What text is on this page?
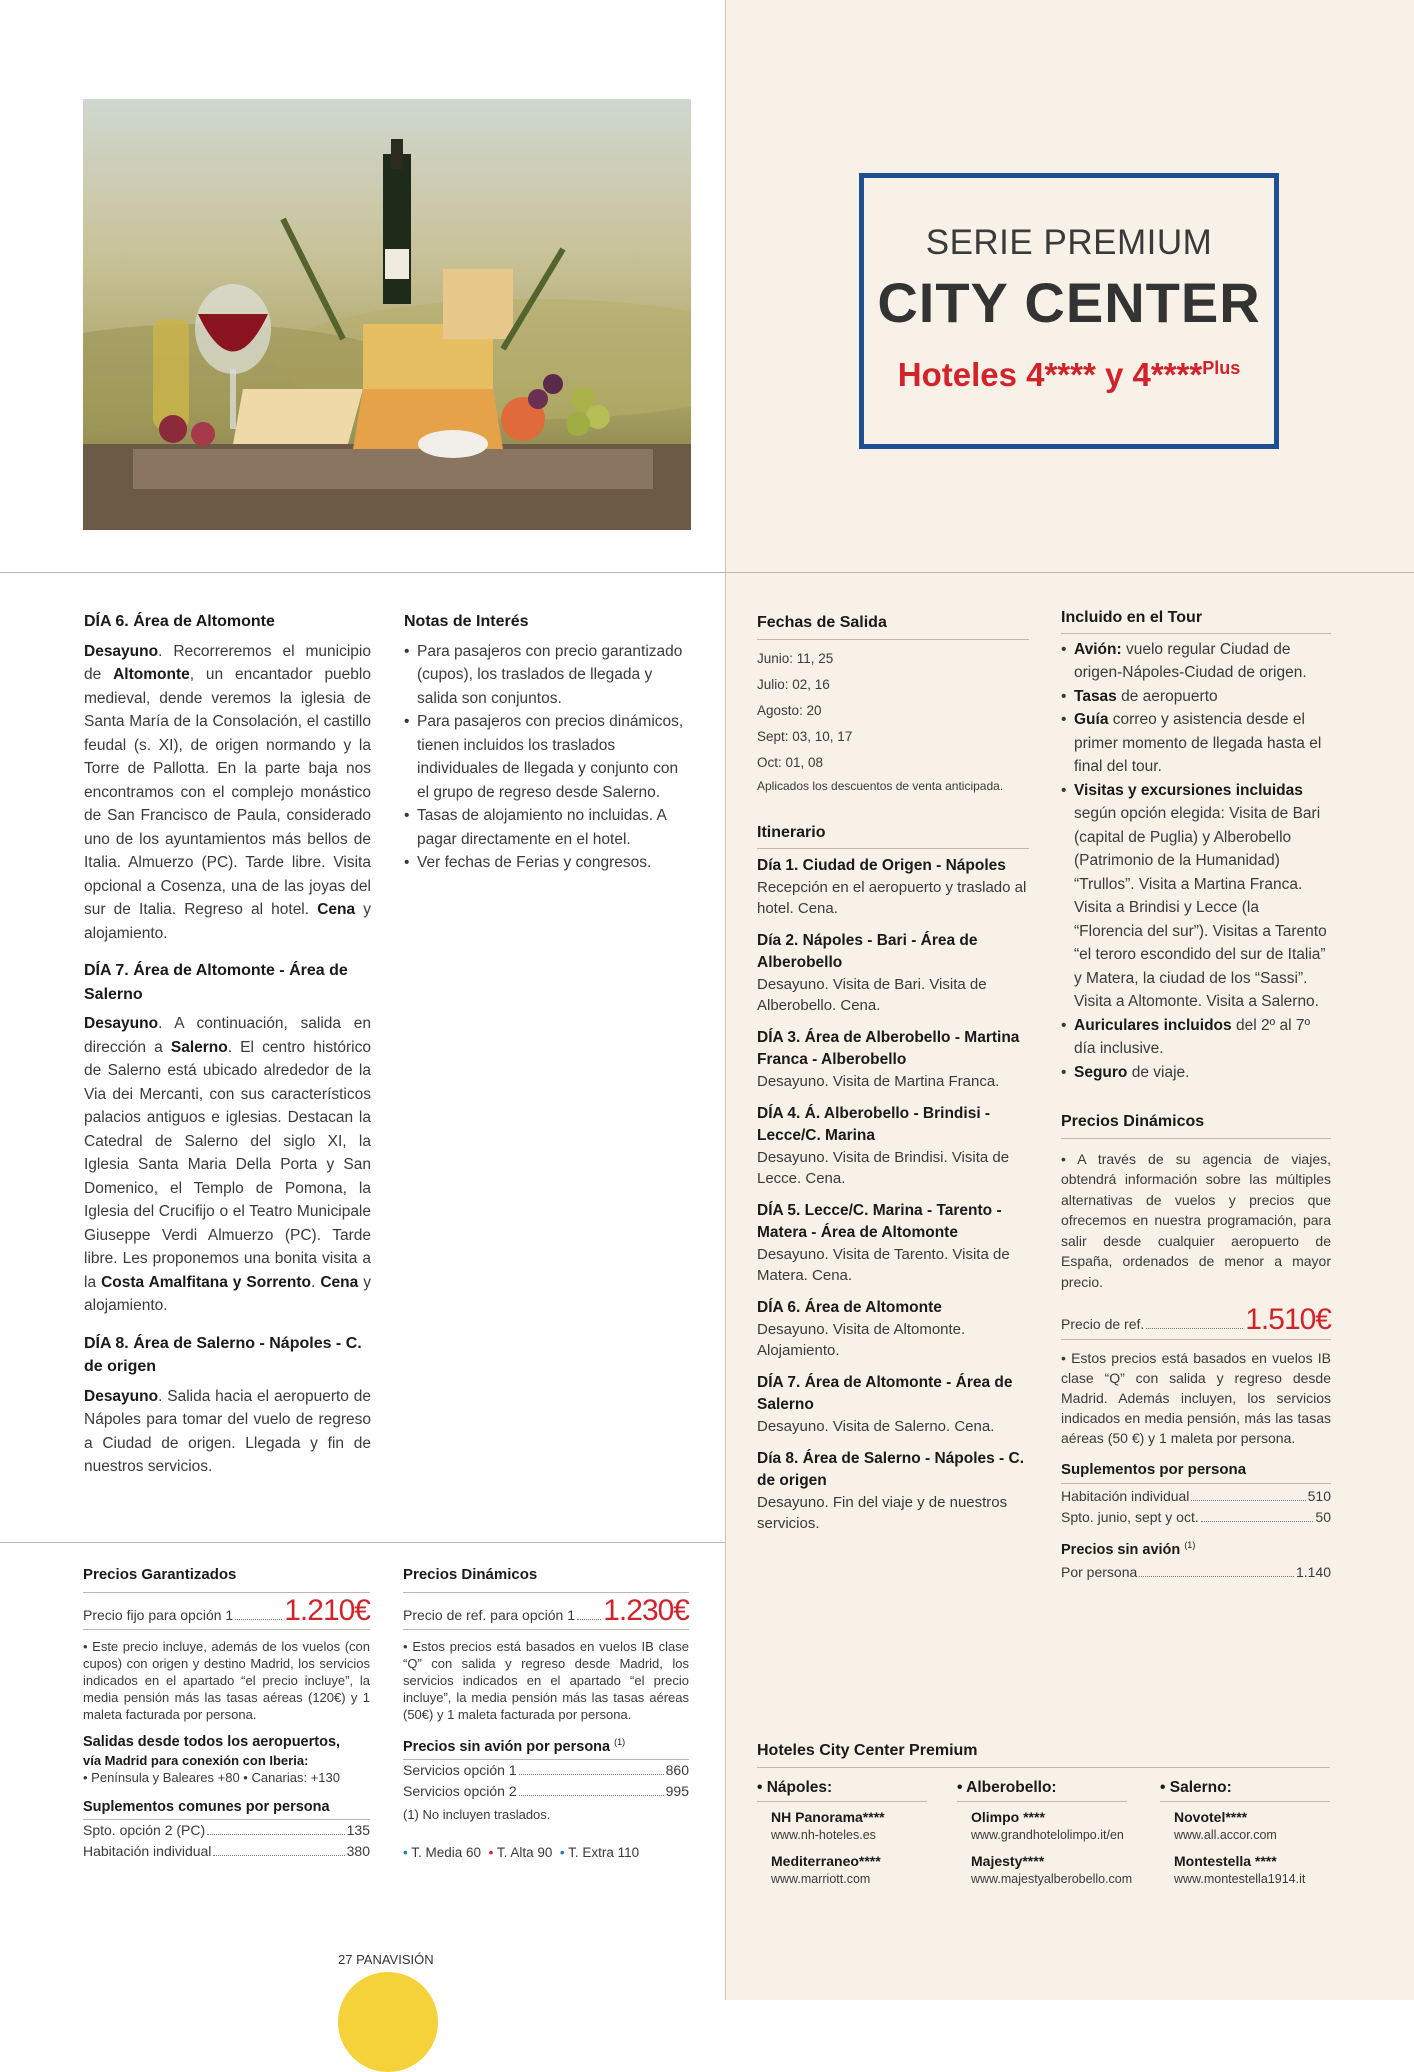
SERIE PREMIUM
CITY CENTER
Hoteles 4**** y 4****$^{Plus}$
DÍA 6. Área de Altomonte

Desayuno. Recorreremos el municipio de Altomonte, un encantador pueblo medieval, dende veremos la iglesia de Santa María de la Consolación, el castillo feudal (s. XI), de origen normando y la Torre de Pallotta. En la parte baja nos encontramos con el complejo monástico de San Francisco de Paula, considerado uno de los ayuntamientos más bellos de Italia. Almuerzo (PC). Tarde libre. Visita opcional a Cosenza, una de las joyas del sur de Italia. Regreso al hotel. Cena y alojamiento.

DÍA 7. Área de Altomonte - Área de Salerno

Desayuno. A continuación, salida en dirección a Salerno. El centro histórico de Salerno está ubicado alrededor de la Via dei Mercanti, con sus característicos palacios antiguos e iglesias. Destacan la Catedral de Salerno del siglo XI, la Iglesia Santa Maria Della Porta y San Domenico, el Templo de Pomona, la Iglesia del Crucifijo o el Teatro Municipale Giuseppe Verdi Almuerzo (PC). Tarde libre. Les proponemos una bonita visita a la Costa Amalfitana y Sorrento. Cena y alojamiento.

DÍA 8. Área de Salerno - Nápoles - C. de origen

Desayuno. Salida hacia el aeropuerto de Nápoles para tomar del vuelo de regreso a Ciudad de origen. Llegada y fin de nuestros servicios.

Notas de Interés
• Para pasajeros con precio garantizado (cupos), los traslados de llegada y salida son conjuntos.
• Para pasajeros con precios dinámicos, tienen incluidos los traslados individuales de llegada y conjunto con el grupo de regreso desde Salerno.
• Tasas de alojamiento no incluidas. A pagar directamente en el hotel.
• Ver fechas de Ferias y congresos.
Precios Garantizados
Precio fijo para opción 1 1.210€

• Este precio incluye, además de los vuelos (con cupos) con origen y destino Madrid, los servicios indicados en el apartado “el precio incluye”, la media pensión más las tasas aéreas (120€) y 1 maleta facturada por persona.

Salidas desde todos los aeropuertos,
vía Madrid para conexión con Iberia:
• Península y Baleares +80 • Canarias: +130
Suplementos comunes por persona
Spto. opción 2 (PC)	135
Habitación individual	380
Precios Dinámicos
Precio de ref. para opción 1 1.230€

• Estos precios está basados en vuelos IB clase “Q” con salida y regreso desde Madrid, los servicios indicados en el apartado “el precio incluye”, la media pensión más las tasas aéreas (50€) y 1 maleta facturada por persona.

Precios sin avión por persona $^{(1)}$
Servicios opción 1	860
Servicios opción 2	995
(1) No incluyen traslados.
• T. Media 60 • T. Alta 90 • T. Extra 110
Fechas de Salida
Junio: 11, 25
Julio: 02, 16
Agosto: 20
Sept: 03, 10, 17
Oct: 01, 08
Aplicados los descuentos de venta anticipada.
Itinerario
Día 1. Ciudad de Origen - Nápoles
Recepción en el aeropuerto y traslado al hotel. Cena.
Día 2. Nápoles - Bari - Área de Alberobello
Desayuno. Visita de Bari. Visita de Alberobello. Cena.
DÍA 3. Área de Alberobello - Martina Franca - Alberobello
Desayuno. Visita de Martina Franca.
DÍA 4. Á. Alberobello - Brindisi - Lecce/C. Marina
Desayuno. Visita de Brindisi. Visita de Lecce. Cena.
DÍA 5. Lecce/C. Marina - Tarento - Matera - Área de Altomonte
Desayuno. Visita de Tarento. Visita de Matera. Cena.
DÍA 6. Área de Altomonte
Desayuno. Visita de Altomonte. Alojamiento.
DÍA 7. Área de Altomonte - Área de Salerno
Desayuno. Visita de Salerno. Cena.
Día 8. Área de Salerno - Nápoles - C. de origen
Desayuno. Fin del viaje y de nuestros servicios.
Incluido en el Tour
• Avión: vuelo regular Ciudad de origen-Nápoles-Ciudad de origen.
• Tasas de aeropuerto
• Guía correo y asistencia desde el primer momento de llegada hasta el final del tour.
• Visitas y excursiones incluidas según opción elegida: Visita de Bari (capital de Puglia) y Alberobello (Patrimonio de la Humanidad) “Trullos”. Visita a Martina Franca. Visita a Brindisi y Lecce (la “Florencia del sur”). Visitas a Tarento “el teroro escondido del sur de Italia” y Matera, la ciudad de los “Sassi”. Visita a Altomonte. Visita a Salerno.
• Auriculares incluidos del 2º al 7º día inclusive.
• Seguro de viaje.
Precios Dinámicos

• A través de su agencia de viajes, obtendrá información sobre las múltiples alternativas de vuelos y precios que ofrecemos en nuestra programación, para salir desde cualquier aeropuerto de España, ordenados de menor a mayor precio.

Precio de ref.	1.510€

• Estos precios está basados en vuelos IB clase “Q” con salida y regreso desde Madrid. Además incluyen, los servicios indicados en media pensión, más las tasas aéreas (50 €) y 1 maleta por persona.

Suplementos por persona
Habitación individual	510
Spto. junio, sept y oct.	50
Precios sin avión $^{(1)}$
Por persona	1.140
Hoteles City Center Premium
• Nápoles:
NH Panorama****
www.nh-hoteles.es
Mediterraneo****
www.marriott.com
• Alberobello:
Olimpo ****
www.grandhotelolimpo.it/en
Majesty****
www.majestyalberobello.com
• Salerno:
Novotel****
www.all.accor.com
Montestella ****
www.montestella1914.it
27 PANAVISIÓN
